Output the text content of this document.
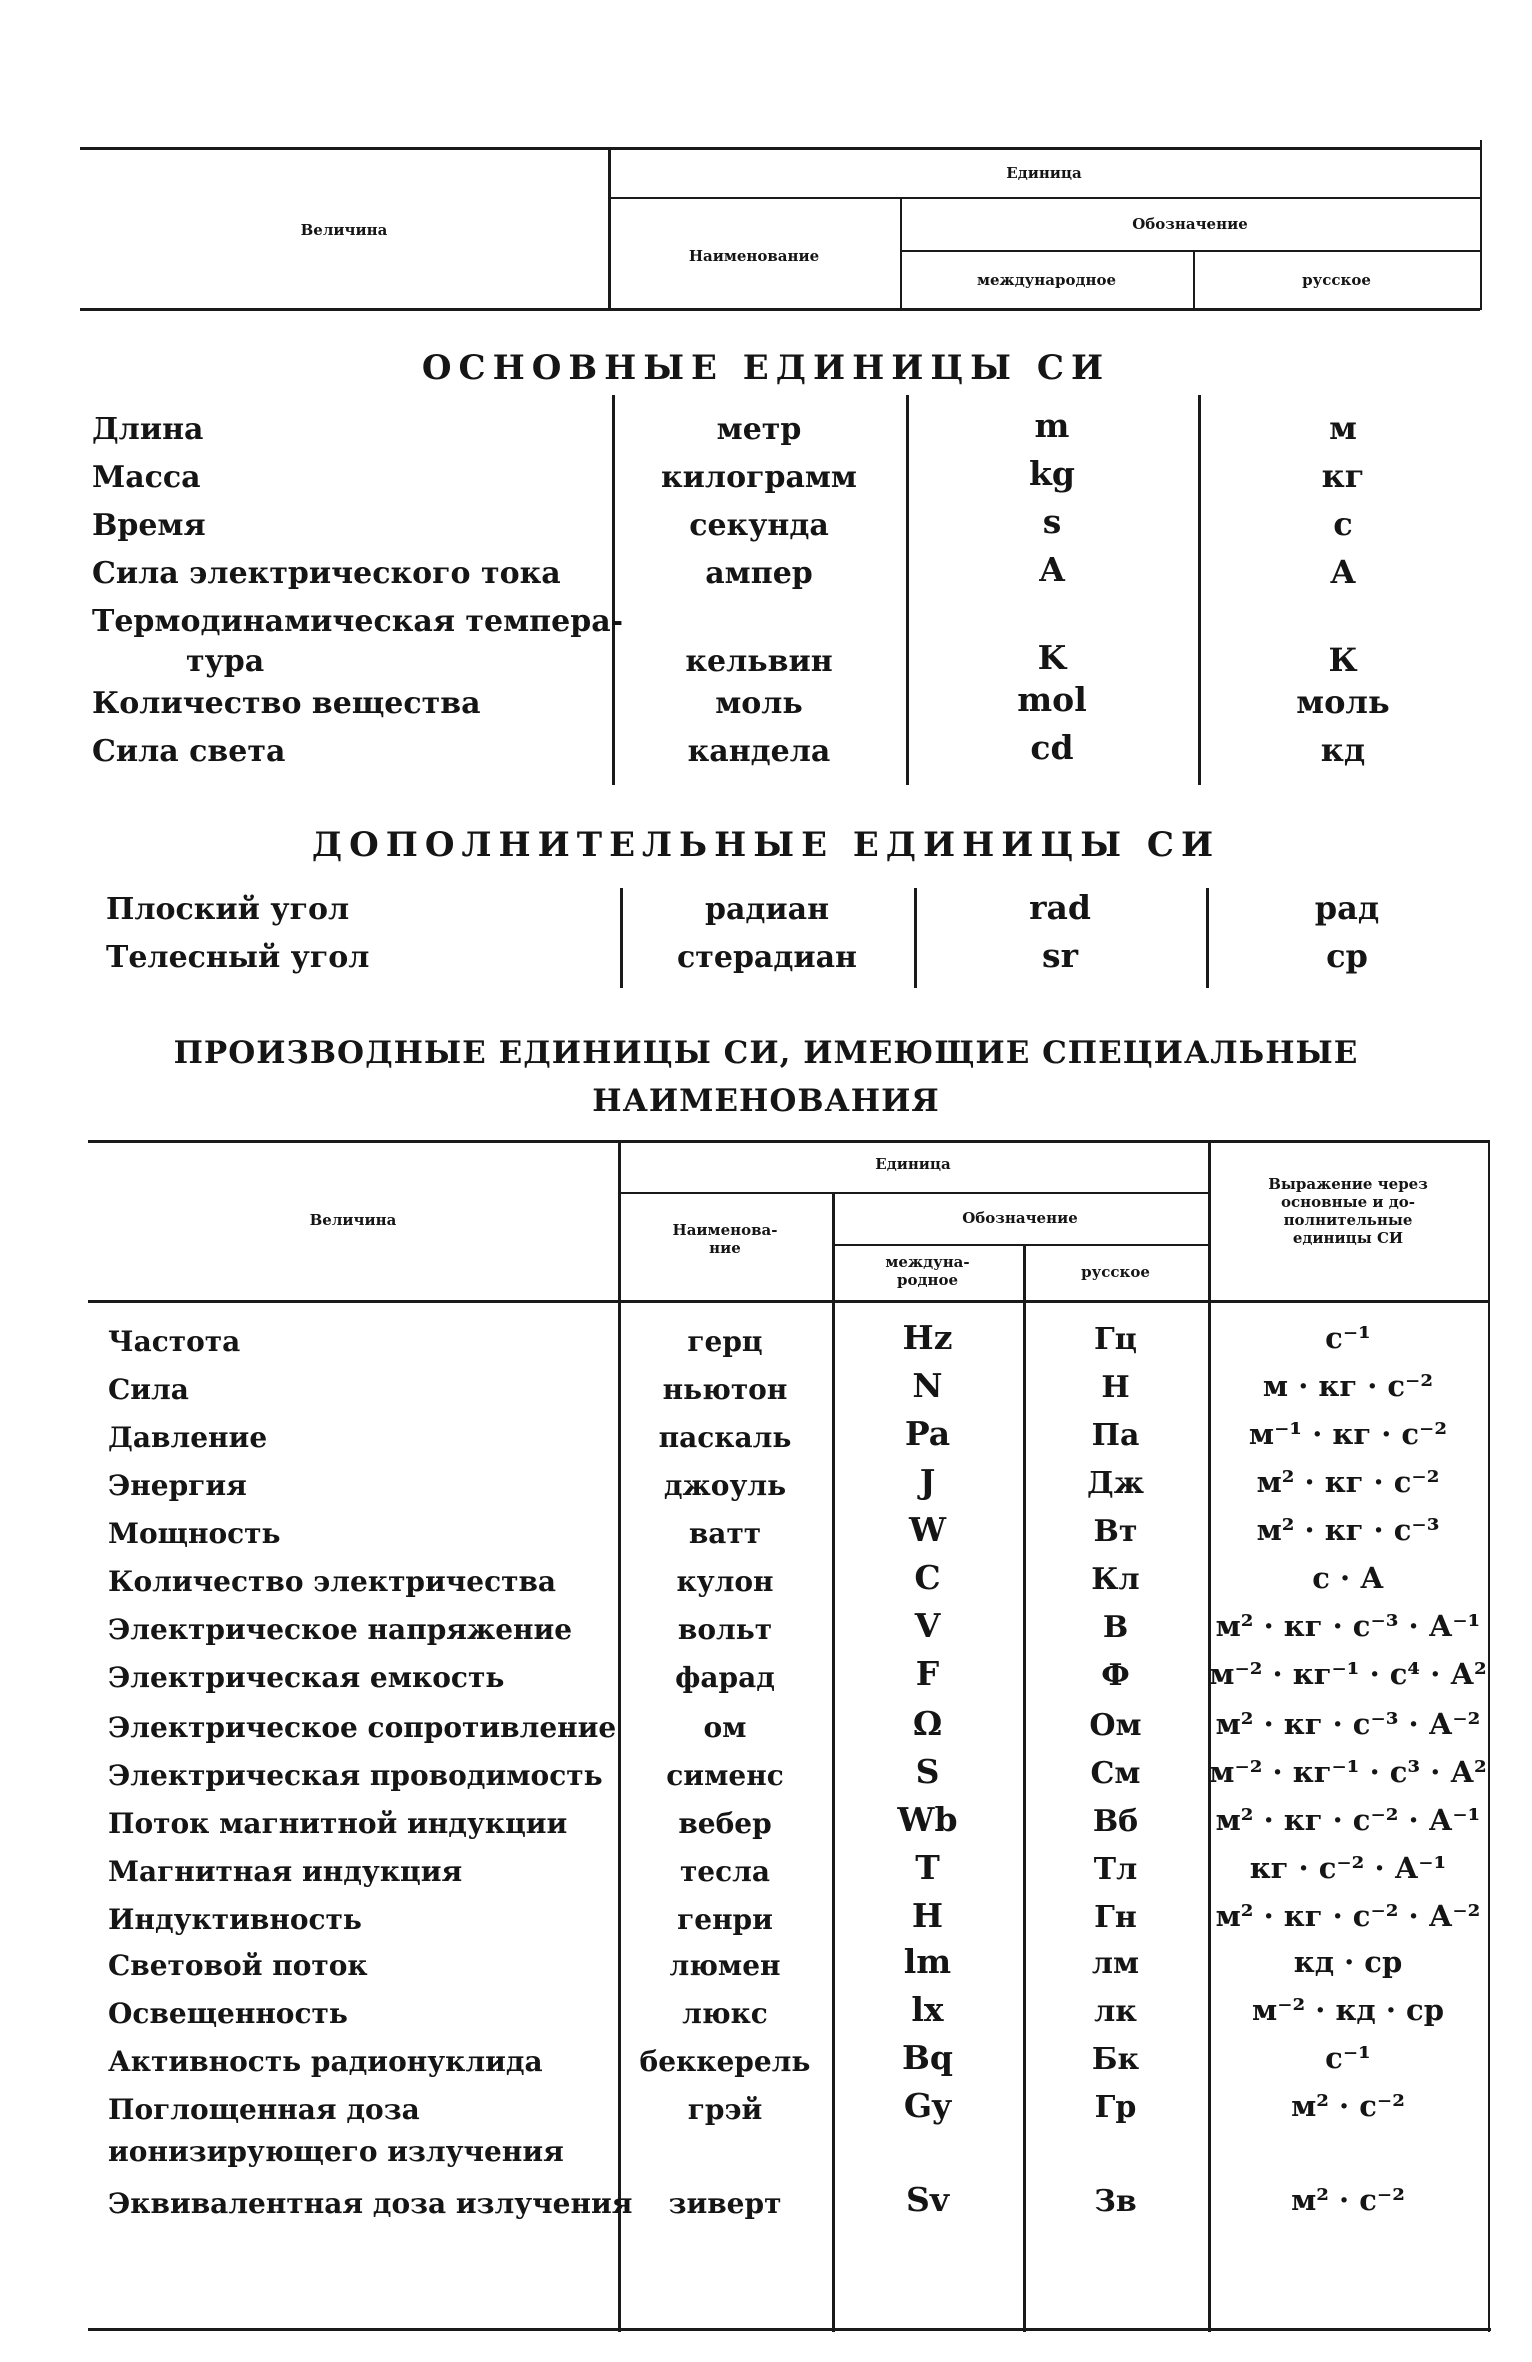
Величина
Единица
Наименование
Обозначение
международное	русское
ОСНОВНЫЕ ЕДИНИЦЫ СИ
Длина	метр	m	м
Масса	килограмм	kg	кг
Время	секунда	s	с
Сила электрического тока	ампер	A	А
Термодинамическая темпера-
тура	кельвин	K	К
Количество вещества	моль	mol	моль
Сила света	кандела	cd	кд
ДОПОЛНИТЕЛЬНЫЕ ЕДИНИЦЫ СИ
Плоский угол	радиан	rad	рад
Телесный угол	стерадиан	sr	ср
ПРОИЗВОДНЫЕ ЕДИНИЦЫ СИ, ИМЕЮЩИЕ СПЕЦИАЛЬНЫЕ
НАИМЕНОВАНИЯ
Величина
Единица
Наименова-
ние
Обозначение
междуна-
родное	русское
Выражение через
основные и до-
полнительные
единицы СИ
Частота	герц	Hz	Гц	с⁻¹
Сила	ньютон	N	Н	м · кг · с⁻²
Давление	паскаль	Pa	Па	м⁻¹ · кг · с⁻²
Энергия	джоуль	J	Дж	м² · кг · с⁻²
Мощность	ватт	W	Вт	м² · кг · с⁻³
Количество электричества	кулон	C	Кл	с · А
Электрическое напряжение	вольт	V	В	м² · кг · с⁻³ · А⁻¹
Электрическая емкость	фарад	F	Ф	м⁻² · кг⁻¹ · с⁴ · А²
Электрическое сопротивление	ом	Ω	Ом	м² · кг · с⁻³ · А⁻²
Электрическая проводимость	сименс	S	См	м⁻² · кг⁻¹ · с³ · А²
Поток магнитной индукции	вебер	Wb	Вб	м² · кг · с⁻² · А⁻¹
Магнитная индукция	тесла	T	Тл	кг · с⁻² · А⁻¹
Индуктивность	генри	H	Гн	м² · кг · с⁻² · А⁻²
Световой поток	люмен	lm	лм	кд · ср
Освещенность	люкс	lx	лк	м⁻² · кд · ср
Активность радионуклида	беккерель	Bq	Бк	с⁻¹
Поглощенная доза
ионизирующего излучения
грэй	Gy	Гр	м² · с⁻²
Эквивалентная доза излучения	зиверт	Sv	Зв	м² · с⁻²
